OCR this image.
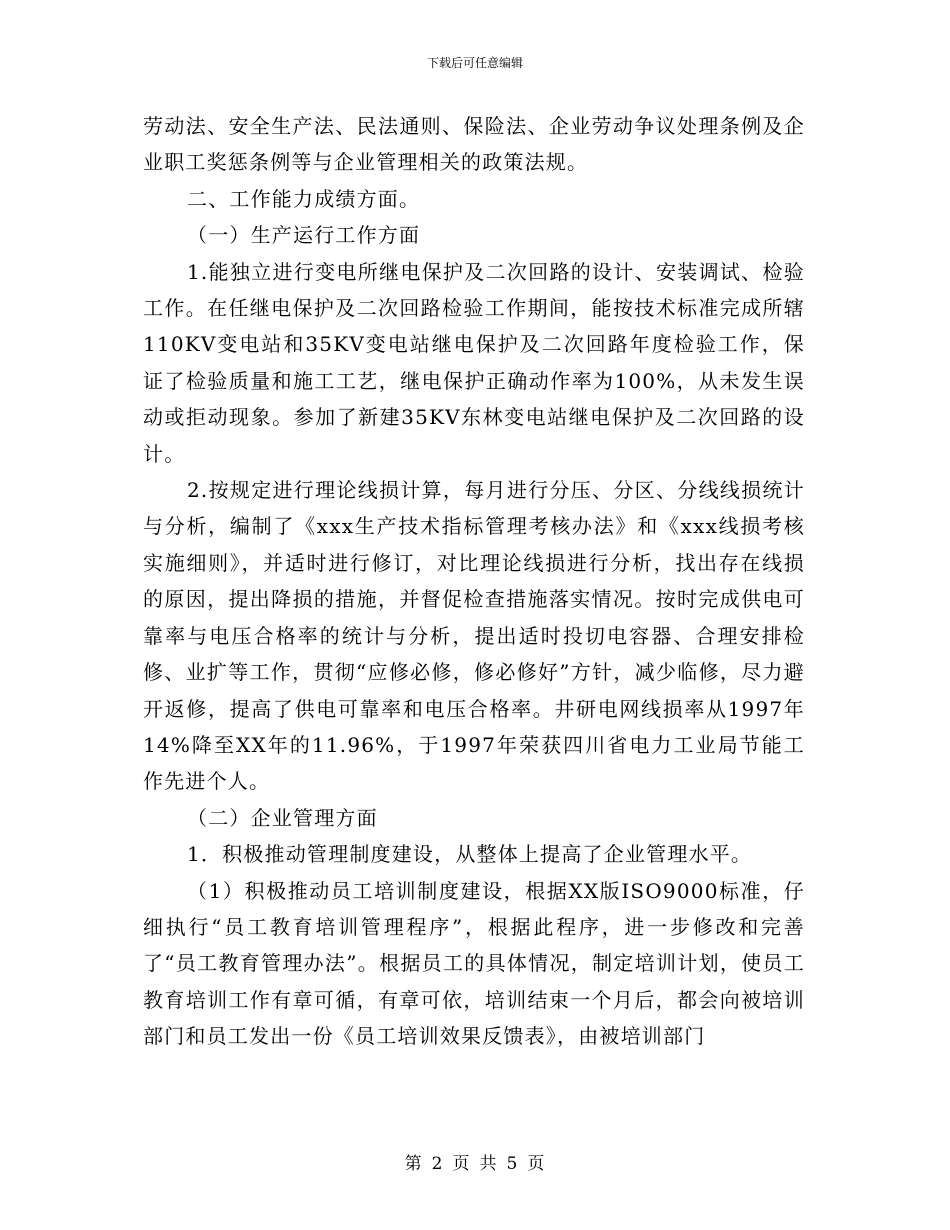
下载后可任意编辑

劳动法、安全生产法、民法通则、保险法、企业劳动争议处理条例及企业职工奖惩条例等与企业管理相关的政策法规。

二、工作能力成绩方面。

（一）生产运行工作方面

1.能独立进行变电所继电保护及二次回路的设计、安装调试、检验工作。在任继电保护及二次回路检验工作期间，能按技术标准完成所辖110KV变电站和35KV变电站继电保护及二次回路年度检验工作，保证了检验质量和施工工艺，继电保护正确动作率为100%，从未发生误动或拒动现象。参加了新建35KV东林变电站继电保护及二次回路的设计。

2.按规定进行理论线损计算，每月进行分压、分区、分线线损统计与分析，编制了《xxx生产技术指标管理考核办法》和《xxx线损考核实施细则》，并适时进行修订，对比理论线损进行分析，找出存在线损的原因，提出降损的措施，并督促检查措施落实情况。按时完成供电可靠率与电压合格率的统计与分析，提出适时投切电容器、合理安排检修、业扩等工作，贯彻“应修必修，修必修好”方针，减少临修，尽力避开返修，提高了供电可靠率和电压合格率。井研电网线损率从1997年14%降至XX年的11.96%，于1997年荣获四川省电力工业局节能工作先进个人。

（二）企业管理方面

1．积极推动管理制度建设，从整体上提高了企业管理水平。

（1）积极推动员工培训制度建设，根据XX版ISO9000标准，仔细执行“员工教育培训管理程序”，根据此程序，进一步修改和完善了“员工教育管理办法”。根据员工的具体情况，制定培训计划，使员工教育培训工作有章可循，有章可依，培训结束一个月后，都会向被培训部门和员工发出一份《员工培训效果反馈表》，由被培训部门

第 2 页 共 5 页
